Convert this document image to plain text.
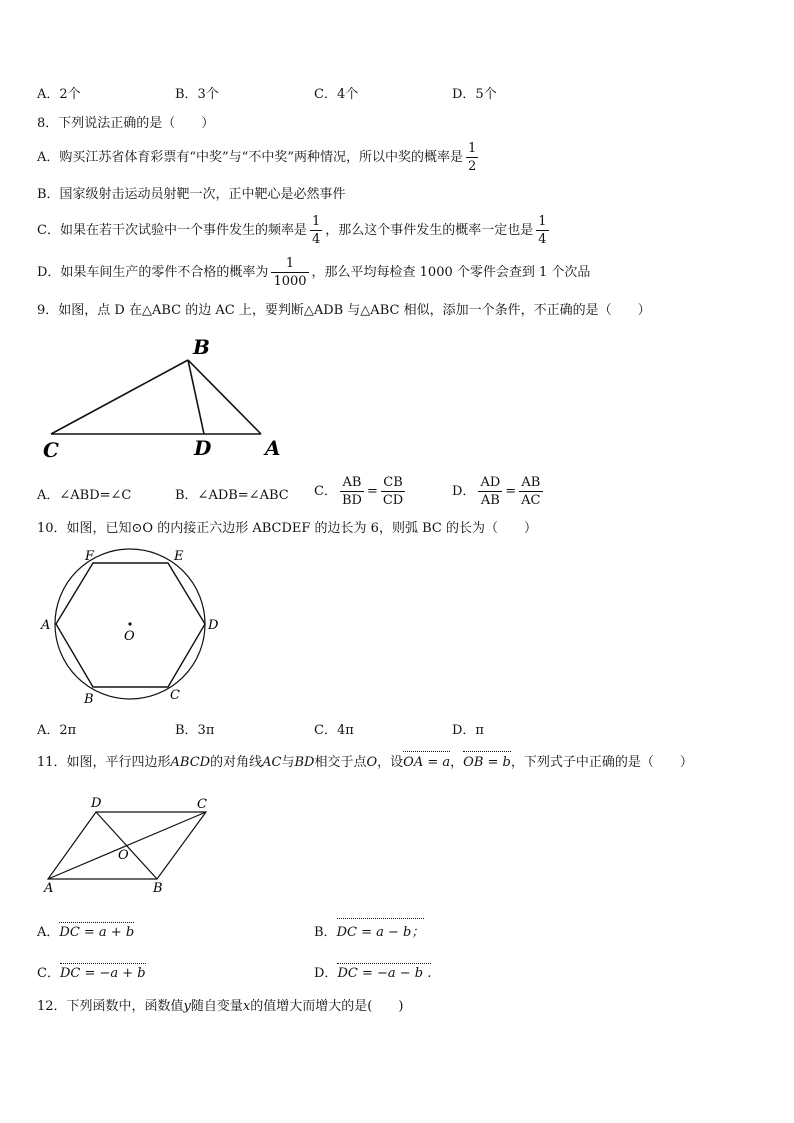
A．2个	B．3个	C．4个	D．5个
8．下列说法正确的是（　　）
A．购买江苏省体育彩票有“中奖”与“不中奖”两种情况，所以中奖的概率是 $\frac{1}{2}$
B．国家级射击运动员射靶一次，正中靶心是必然事件
C．如果在若干次试验中一个事件发生的频率是 $\frac{1}{4}$ ，那么这个事件发生的概率一定也是 $\frac{1}{4}$
D．如果车间生产的零件不合格的概率为 $\frac{1}{1000}$ ，那么平均每检查 1000 个零件会查到 1 个次品
9．如图，点 D 在△ABC 的边 AC 上，要判断△ADB 与△ABC 相似，添加一个条件，不正确的是（　　）
B
C	D	A
A．∠ABD=∠C	B．∠ADB=∠ABC C． $\frac{AB}{BD} = \frac{CB}{CD}$	D． $\frac{AD}{AB} = \frac{AB}{AC}$
10．如图，已知⊙O 的内接正六边形 ABCDEF 的边长为 6，则弧 BC 的长为（　　）
F	E
A	D
O
B	C
A．2π	B．3π	C．4π	D．π
11．如图，平行四边形ABCD的对角线AC与BD相交于点O，设OA = a，OB = b，下列式子中正确的是（　　）
D	C
O
A	B
A．DC = a + b	B．DC = a − b；
C．DC = −a + b	D．DC = −a − b .
12．下列函数中，函数值y随自变量x的值增大而增大的是(　　)
